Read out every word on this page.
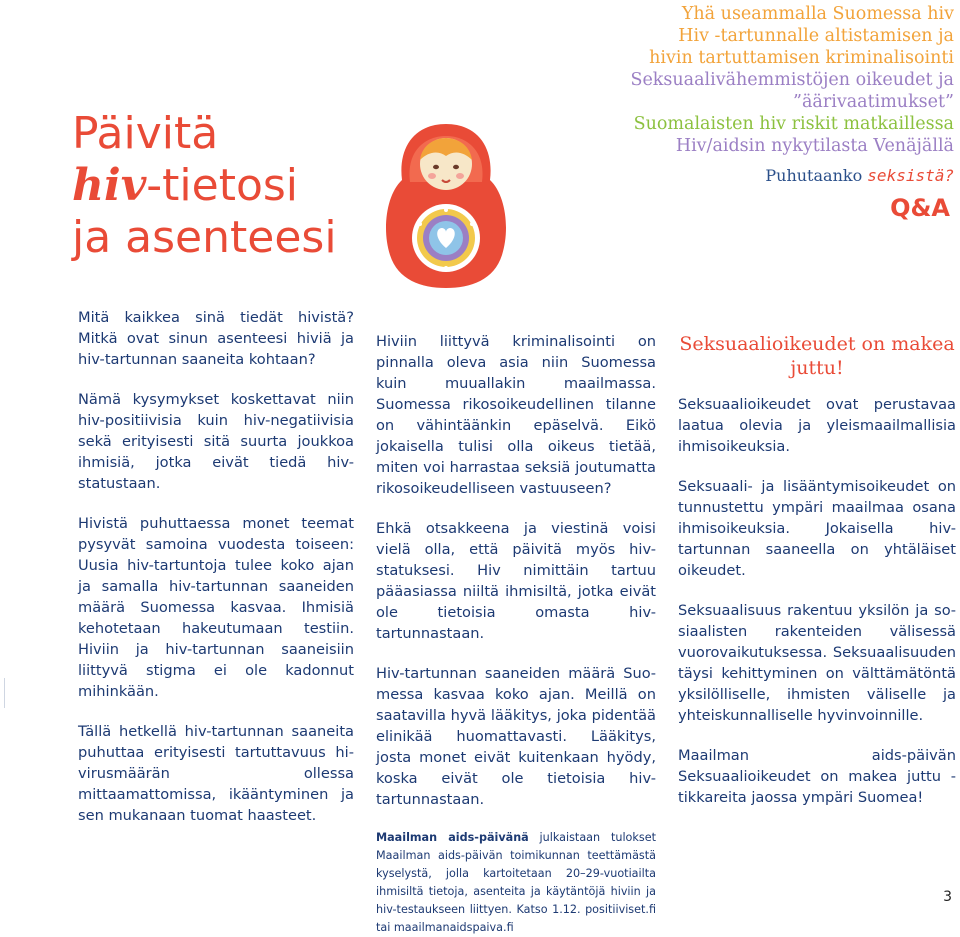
Päivitä
hiv-tietosi
ja asenteesi
Yhä useammalla Suomessa hiv
Hiv -tartunnalle altistamisen ja
hivin tartuttamisen kriminalisointi
Seksuaalivähemmistöjen oikeudet ja
”äärivaatimukset”
Suomalaisten hiv riskit matkaillessa
Hiv/aidsin nykytilasta Venäjällä
Puhutaanko seksistä?
Q&A

Mitä kaikkea sinä tiedät hivistä? Mitkä ovat sinun asenteesi hiviä ja hiv-tartunnan saaneita kohtaan?

Nämä kysymykset koskettavat niin hiv-positiivisia kuin hiv-negatiivisia sekä erityisesti sitä suurta joukkoa ihmisiä, jotka eivät tiedä hiv-statustaan.

Hivistä puhuttaessa monet teemat pysyvät samoina vuodesta toiseen: Uusia hiv-tartuntoja tulee koko ajan ja samalla hiv-tartunnan saaneiden määrä Suomessa kasvaa. Ihmisiä kehotetaan hakeutumaan testiin. Hiviin ja hiv-tartunnan saaneisiin liittyvä stigma ei ole kadonnut mihinkään.

Tällä hetkellä hiv-tartunnan saaneita puhuttaa erityisesti tartuttavuus hivirusmäärän ollessa mittaamattomissa, ikääntyminen ja sen mukanaan tuomat haasteet.

Hiviin liittyvä kriminalisointi on pinnalla oleva asia niin Suomessa kuin muuallakin maailmassa. Suomessa rikosoikeudellinen tilanne on vähintäänkin epäselvä. Eikö jokaisella tulisi olla oikeus tietää, miten voi harrastaa seksiä joutumatta rikosoikeudelliseen vastuuseen?

Ehkä otsakkeena ja viestinä voisi vielä olla, että päivitä myös hiv-statuksesi. Hiv nimittäin tartuu pääasiassa niiltä ihmisiltä, jotka eivät ole tietoisia omasta hiv-tartunnastaan.

Hiv-tartunnan saaneiden määrä Suomessa kasvaa koko ajan. Meillä on saatavilla hyvä lääkitys, joka pidentää elinikää huomattavasti. Lääkitys, josta monet eivät kuitenkaan hyödy, koska eivät ole tietoisia hiv-tartunnastaan.

Maailman aids-päivänä julkaistaan tulokset Maailman aids-päivän toimikunnan teettämästä kyselystä, jolla kartoitetaan 20–29-vuotiailta ihmisiltä tietoja, asenteita ja käytäntöjä hiviin ja hiv-testaukseen liittyen. Katso 1.12. positiiviset.fi tai maailmanaidspaiva.fi
Seksuaalioikeudet on makea juttu!

Seksuaalioikeudet ovat perustavaa laatua olevia ja yleismaailmallisia ihmisoikeuksia.

Seksuaali- ja lisääntymisoikeudet on tunnustettu ympäri maailmaa osana ihmisoikeuksia. Jokaisella hiv-tartunnan saaneella on yhtäläiset oikeudet.

Seksuaalisuus rakentuu yksilön ja sosiaalisten rakenteiden välisessä vuorovaikutuksessa. Seksuaalisuuden täysi kehittyminen on välttämätöntä yksilölliselle, ihmisten väliselle ja yhteiskunnalliselle hyvinvoinnille.

Maailman aids-päivän Seksuaalioikeudet on makea juttu - tikkareita jaossa ympäri Suomea!

3
